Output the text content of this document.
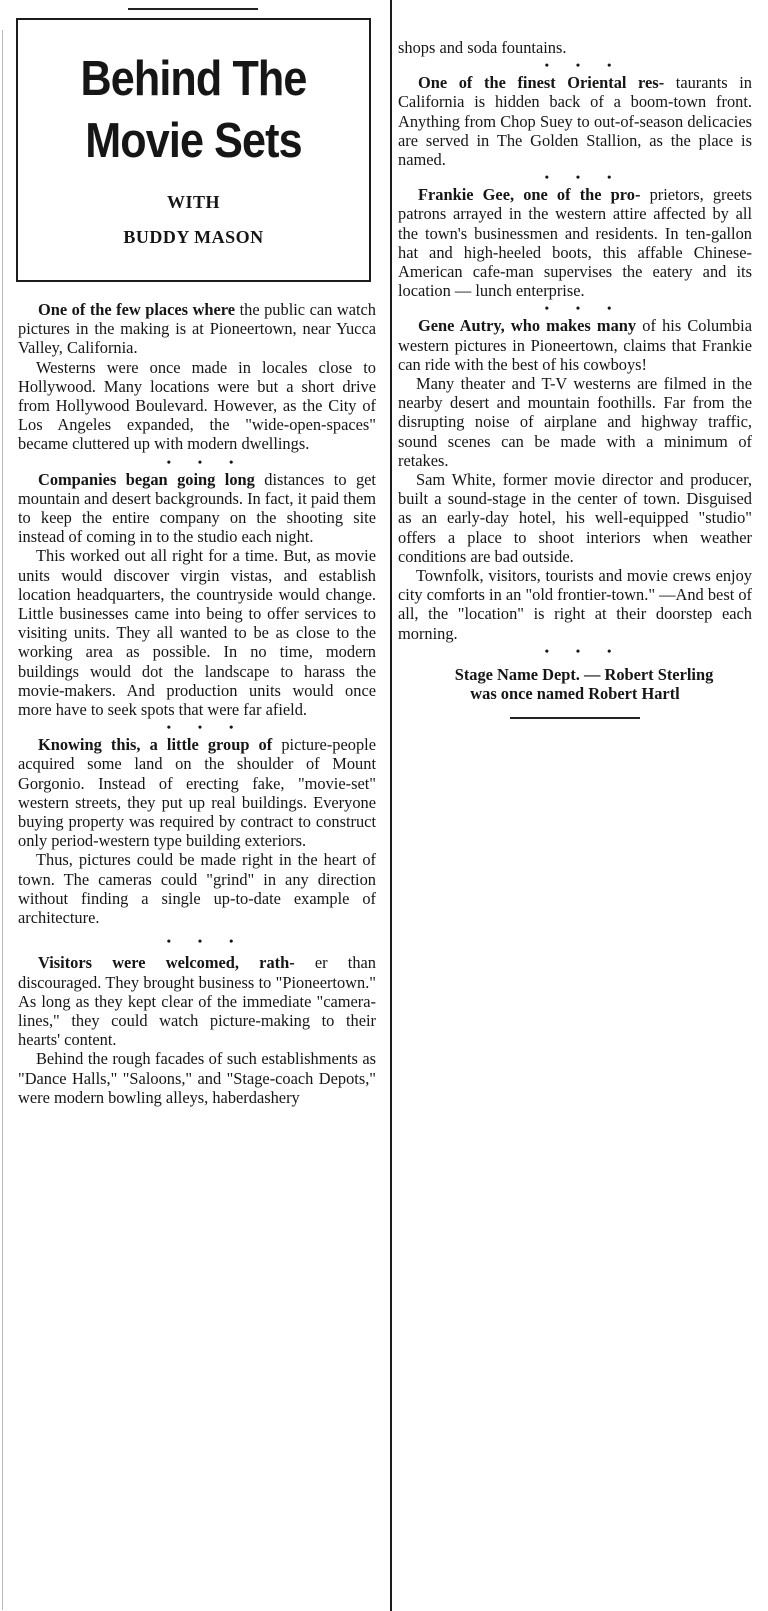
Behind The
Movie Sets
WITH
BUDDY MASON

One of the few places where the public can watch pictures in the making is at Pioneertown, near Yucca Valley, California.

Westerns were once made in locales close to Hollywood. Many locations were but a short drive from Hollywood Boulevard. However, as the City of Los Angeles expanded, the "wide-open-spaces" became cluttered up with modern dwellings.

• • •

Companies began going long distances to get mountain and desert backgrounds. In fact, it paid them to keep the entire company on the shooting site instead of coming in to the studio each night.

This worked out all right for a time. But, as movie units would discover virgin vistas, and establish location headquarters, the countryside would change. Little businesses came into being to offer services to visiting units. They all wanted to be as close to the working area as possible. In no time, modern buildings would dot the landscape to harass the movie-makers. And production units would once more have to seek spots that were far afield.

• • •

Knowing this, a little group of picture-people acquired some land on the shoulder of Mount Gorgonio. Instead of erecting fake, "movie-set" western streets, they put up real buildings. Everyone buying property was required by contract to construct only period-western type building exteriors.

Thus, pictures could be made right in the heart of town. The cameras could "grind" in any direction without finding a single up-to-date example of architecture.

• • •

Visitors were welcomed, rath- er than discouraged. They brought business to "Pioneertown." As long as they kept clear of the immediate "camera-lines," they could watch picture-making to their hearts' content.

Behind the rough facades of such establishments as "Dance Halls," "Saloons," and "Stage-coach Depots," were modern bowling alleys, haberdashery

shops and soda fountains.

• • •

One of the finest Oriental res- taurants in California is hidden back of a boom-town front. Anything from Chop Suey to out-of-season delicacies are served in The Golden Stallion, as the place is named.

• • •

Frankie Gee, one of the pro- prietors, greets patrons arrayed in the western attire affected by all the town's businessmen and residents. In ten-gallon hat and high-heeled boots, this affable Chinese-American cafe-man supervises the eatery and its location — lunch enterprise.

• • •

Gene Autry, who makes many of his Columbia western pictures in Pioneertown, claims that Frankie can ride with the best of his cowboys!

Many theater and T-V westerns are filmed in the nearby desert and mountain foothills. Far from the disrupting noise of airplane and highway traffic, sound scenes can be made with a minimum of retakes.

Sam White, former movie director and producer, built a sound-stage in the center of town. Disguised as an early-day hotel, his well-equipped "studio" offers a place to shoot interiors when weather conditions are bad outside.

Townfolk, visitors, tourists and movie crews enjoy city comforts in an "old frontier-town." —And best of all, the "location" is right at their doorstep each morning.

• • •

Stage Name Dept. — Robert Sterling was once named Robert Hartl
